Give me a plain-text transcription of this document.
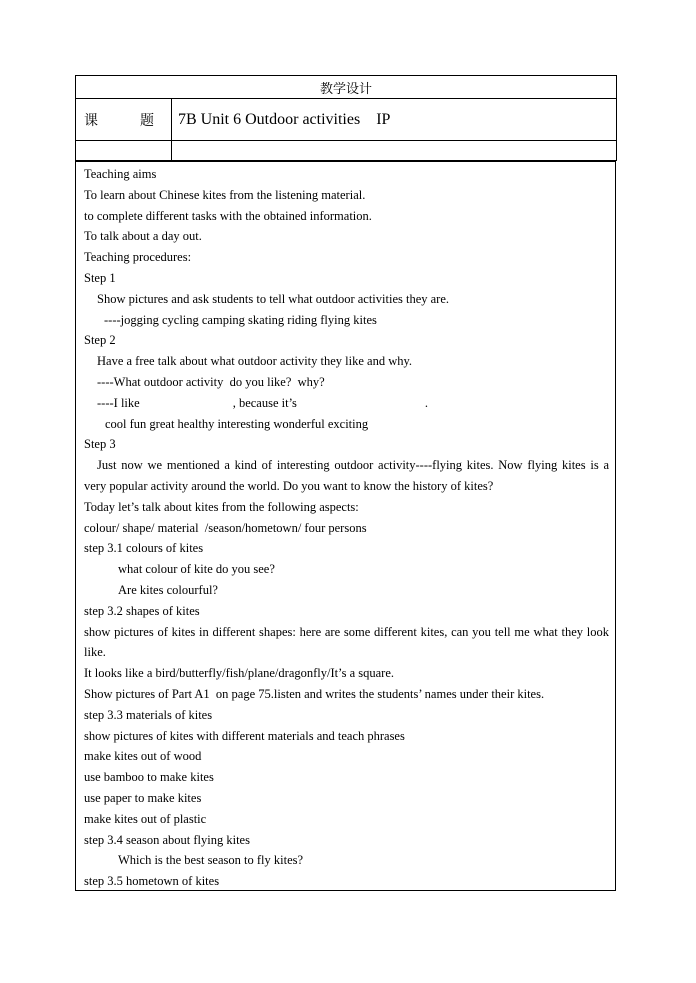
教学设计	
课 题	7B Unit 6 Outdoor activities    IP

Teaching aims
To learn about Chinese kites from the listening material.
to complete different tasks with the obtained information.
To talk about a day out.
Teaching procedures:
Step 1
Show pictures and ask students to tell what outdoor activities they are.
----jogging cycling camping skating riding flying kites
Step 2
Have a free talk about what outdoor activity they like and why.
----What outdoor activity  do you like?  why?
----I like	, because it’s	.
cool fun great healthy interesting wonderful exciting
Step 3
Just now we mentioned a kind of interesting outdoor activity----flying kites. Now flying kites is a very popular activity around the world. Do you want to know the history of kites?
Today let’s talk about kites from the following aspects:
colour/ shape/ material  /season/hometown/ four persons
step 3.1 colours of kites
what colour of kite do you see?
Are kites colourful?
step 3.2 shapes of kites
show pictures of kites in different shapes: here are some different kites, can you tell me what they look like.
It looks like a bird/butterfly/fish/plane/dragonfly/It’s a square.
Show pictures of Part A1  on page 75.listen and writes the students’ names under their kites.
step 3.3 materials of kites
show pictures of kites with different materials and teach phrases
make kites out of wood
use bamboo to make kites
use paper to make kites
make kites out of plastic
step 3.4 season about flying kites
Which is the best season to fly kites?
step 3.5 hometown of kites
